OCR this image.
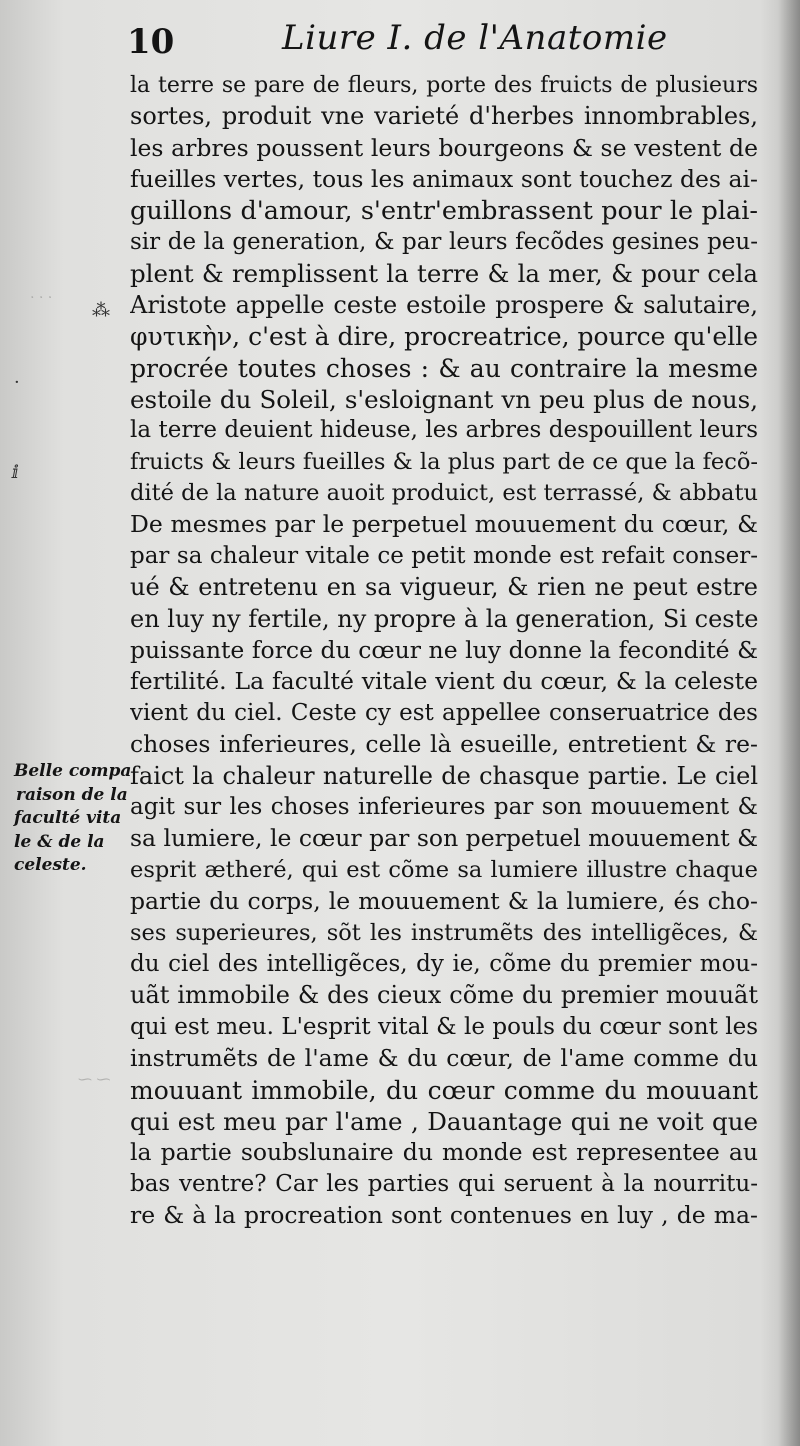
· · ·
⁓ ⁓
·
ⅈ
⁂
10	Liure I. de l'Anatomie
Belle compa
raison de la
faculté vita
le & de la
celeste.
la terre se pare de fleurs, porte des fruicts de plusieurs
sortes, produit vne varieté d'herbes innombrables,
les arbres poussent leurs bourgeons & se vestent de
fueilles vertes, tous les animaux sont touchez des ai-
guillons d'amour, s'entr'embrassent pour le plai-
sir de la generation, & par leurs fecõdes gesines peu-
plent & remplissent la terre & la mer, & pour cela
Aristote appelle ceste estoile prospere & salutaire,
φυτικὴν, c'est à dire, procreatrice, pource qu'elle
procrée toutes choses : & au contraire la mesme
estoile du Soleil, s'esloignant vn peu plus de nous,
la terre deuient hideuse, les arbres despouillent leurs
fruicts & leurs fueilles & la plus part de ce que la fecõ-
dité de la nature auoit produict, est terrassé, & abbatu
De mesmes par le perpetuel mouuement du cœur, &
par sa chaleur vitale ce petit monde est refait conser-
ué & entretenu en sa vigueur, & rien ne peut estre
en luy ny fertile, ny propre à la generation, Si ceste
puissante force du cœur ne luy donne la fecondité &
fertilité. La faculté vitale vient du cœur, & la celeste
vient du ciel. Ceste cy est appellee conseruatrice des
choses inferieures, celle là esueille, entretient & re-
faict la chaleur naturelle de chasque partie. Le ciel
agit sur les choses inferieures par son mouuement &
sa lumiere, le cœur par son perpetuel mouuement &
esprit ætheré, qui est cõme sa lumiere illustre chaque
partie du corps, le mouuement & la lumiere, és cho-
ses superieures, sõt les instrumẽts des intelligẽces, &
du ciel des intelligẽces, dy ie, cõme du premier mou-
uãt immobile & des cieux cõme du premier mouuãt
qui est meu. L'esprit vital & le pouls du cœur sont les
instrumẽts de l'ame & du cœur, de l'ame comme du
mouuant immobile, du cœur comme du mouuant
qui est meu par l'ame , Dauantage qui ne voit que
la partie soubslunaire du monde est representee au
bas ventre? Car les parties qui seruent à la nourritu-
re & à la procreation sont contenues en luy , de ma-
